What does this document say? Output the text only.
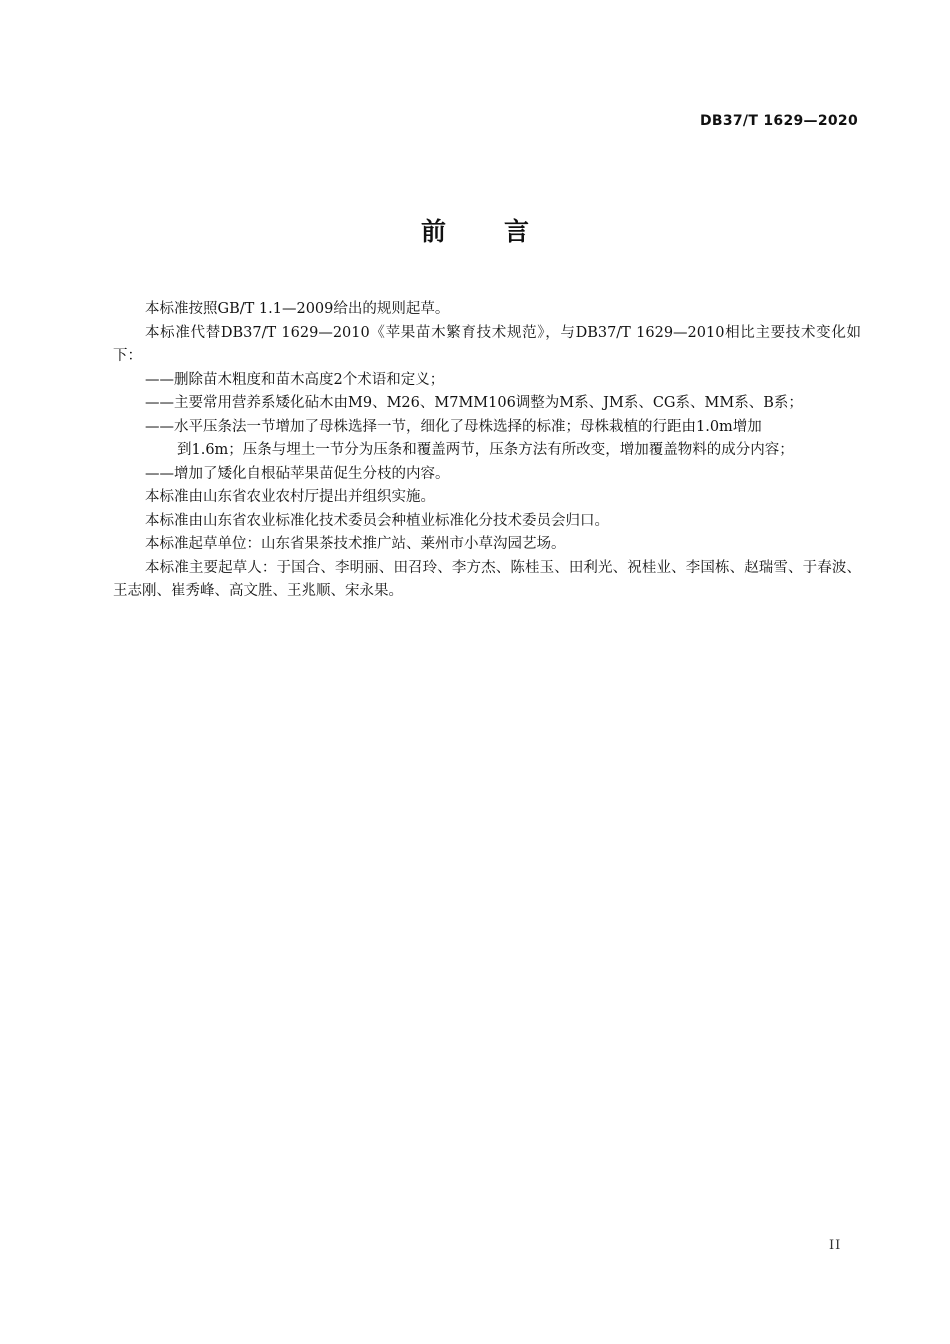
DB37/T 1629—2020
前言

本标准按照GB/T 1.1—2009给出的规则起草。

本标准代替DB37/T 1629—2010《苹果苗木繁育技术规范》，与DB37/T 1629—2010相比主要技术变化如下：

——删除苗木粗度和苗木高度2个术语和定义；

——主要常用营养系矮化砧木由M9、M26、M7MM106调整为M系、JM系、CG系、MM系、B系；

——水平压条法一节增加了母株选择一节，细化了母株选择的标准；母株栽植的行距由1.0m增加
到1.6m；压条与埋土一节分为压条和覆盖两节，压条方法有所改变，增加覆盖物料的成分内容；

——增加了矮化自根砧苹果苗促生分枝的内容。

本标准由山东省农业农村厅提出并组织实施。

本标准由山东省农业标准化技术委员会种植业标准化分技术委员会归口。

本标准起草单位：山东省果茶技术推广站、莱州市小草沟园艺场。

本标准主要起草人：于国合、李明丽、田召玲、李方杰、陈桂玉、田利光、祝桂业、李国栋、赵瑞雪、于春波、王志刚、崔秀峰、高文胜、王兆顺、宋永果。

II
